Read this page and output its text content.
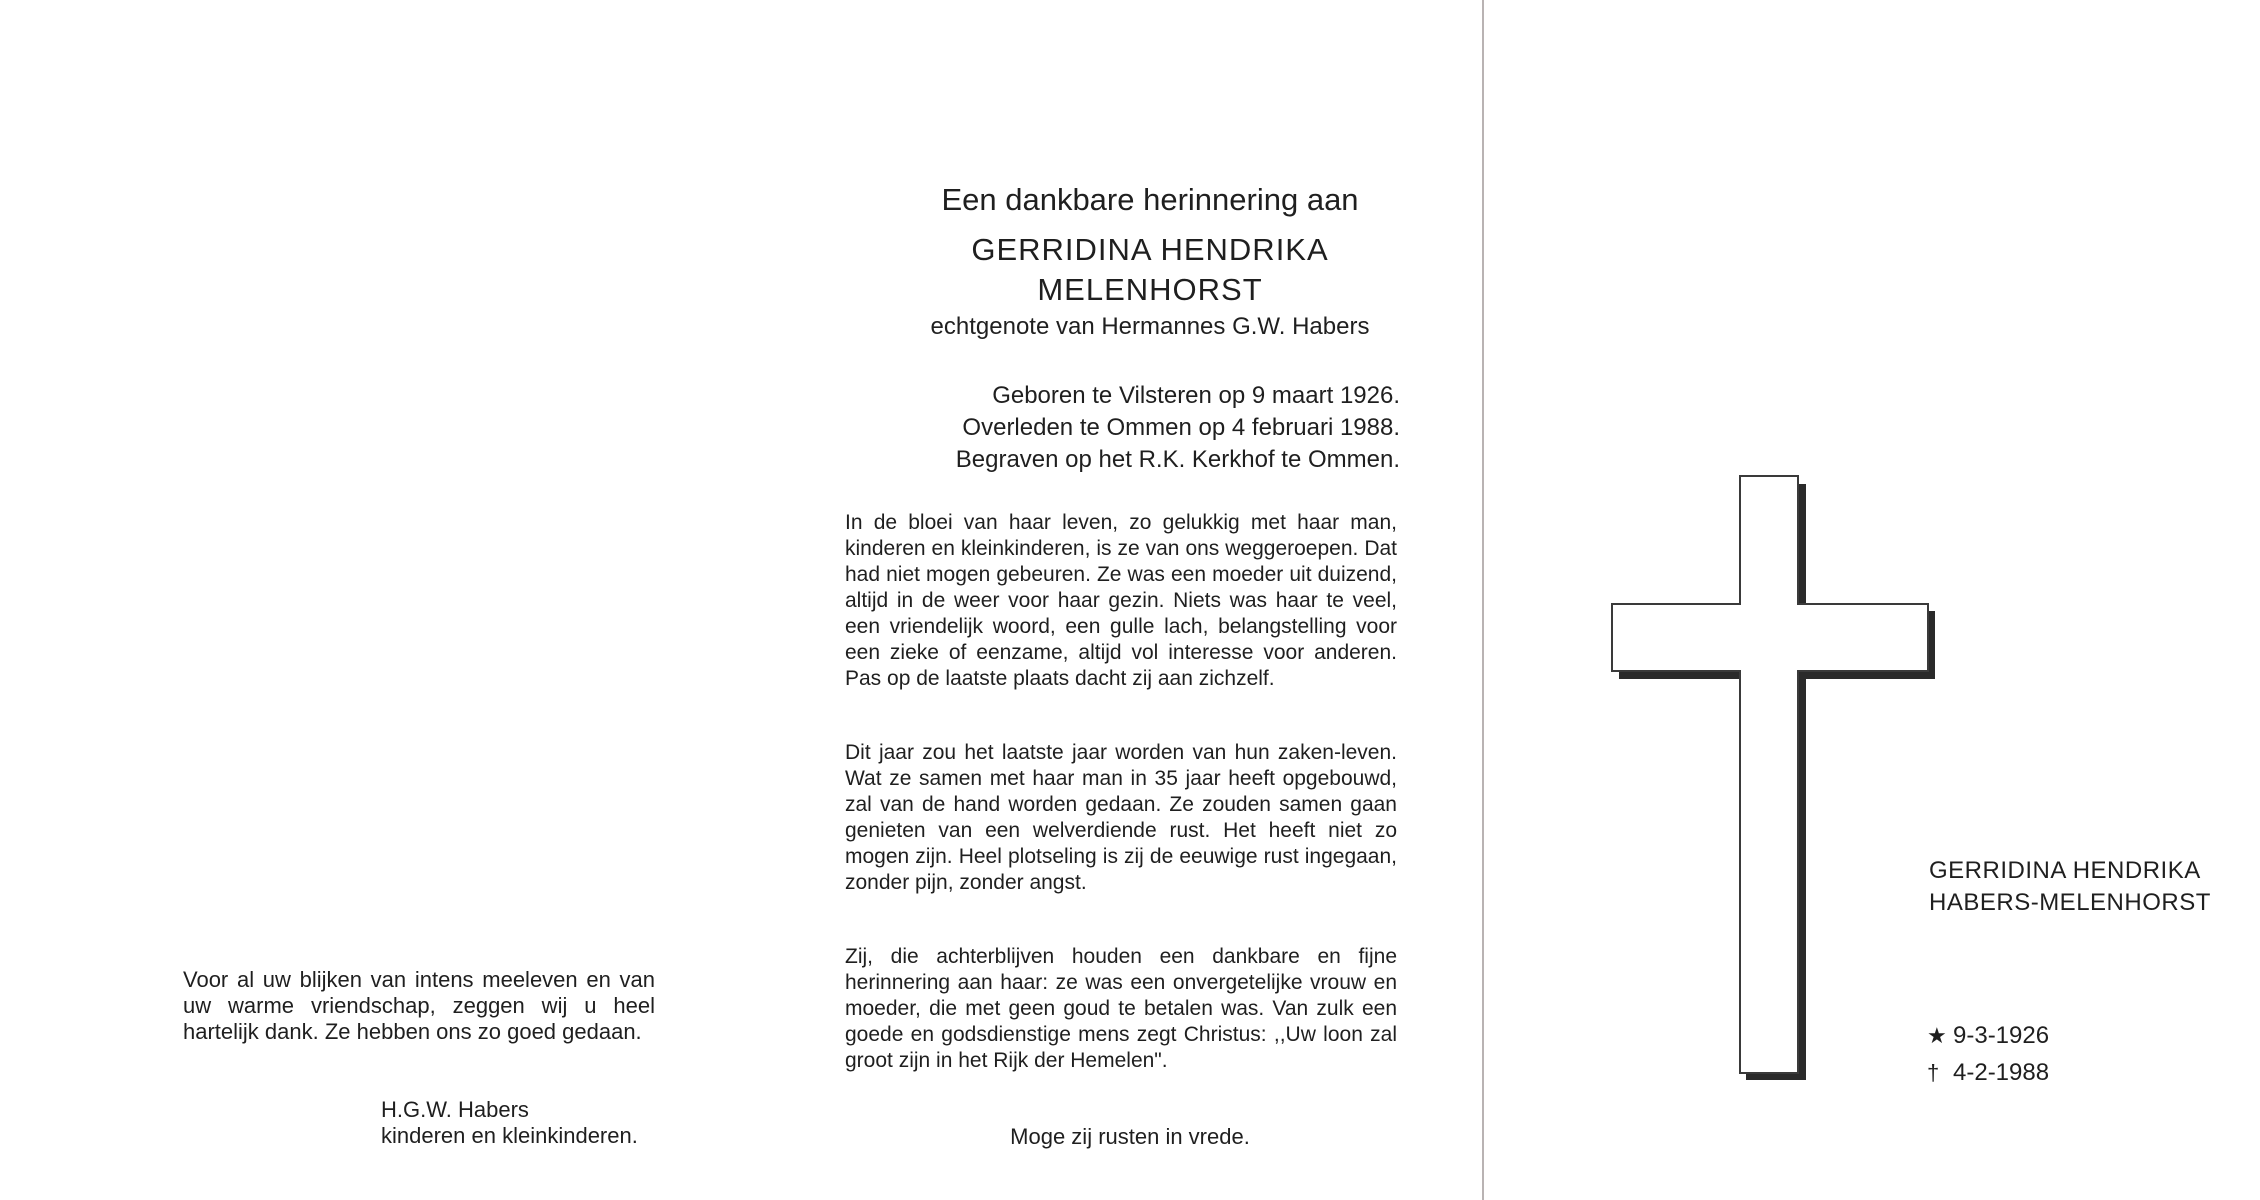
Voor al uw blijken van intens meeleven en van uw warme vriendschap, zeggen wij u heel hartelijk dank. Ze hebben ons zo goed gedaan.
H.G.W. Habers
kinderen en kleinkinderen.
Een dankbare herinnering aan
GERRIDINA HENDRIKA
MELENHORST
echtgenote van Hermannes G.W. Habers
Geboren te Vilsteren op 9 maart 1926.
Overleden te Ommen op 4 februari 1988.
Begraven op het R.K. Kerkhof te Ommen.
In de bloei van haar leven, zo gelukkig met haar man, kinderen en kleinkinderen, is ze van ons weggeroepen. Dat had niet mogen gebeuren. Ze was een moeder uit duizend, altijd in de weer voor haar gezin. Niets was haar te veel, een vriendelijk woord, een gulle lach, belangstelling voor een zieke of eenzame, altijd vol interesse voor anderen. Pas op de laatste plaats dacht zij aan zichzelf.
Dit jaar zou het laatste jaar worden van hun zaken-leven. Wat ze samen met haar man in 35 jaar heeft opgebouwd, zal van de hand worden gedaan. Ze zouden samen gaan genieten van een welverdiende rust. Het heeft niet zo mogen zijn. Heel plotseling is zij de eeuwige rust ingegaan, zonder pijn, zonder angst.
Zij, die achterblijven houden een dankbare en fijne herinnering aan haar: ze was een onvergetelijke vrouw en moeder, die met geen goud te betalen was. Van zulk een goede en godsdienstige mens zegt Christus: ,,Uw loon zal groot zijn in het Rijk der Hemelen".
Moge zij rusten in vrede.
GERRIDINA HENDRIKA
HABERS-MELENHORST
★ 9-3-1926
† 4-2-1988
